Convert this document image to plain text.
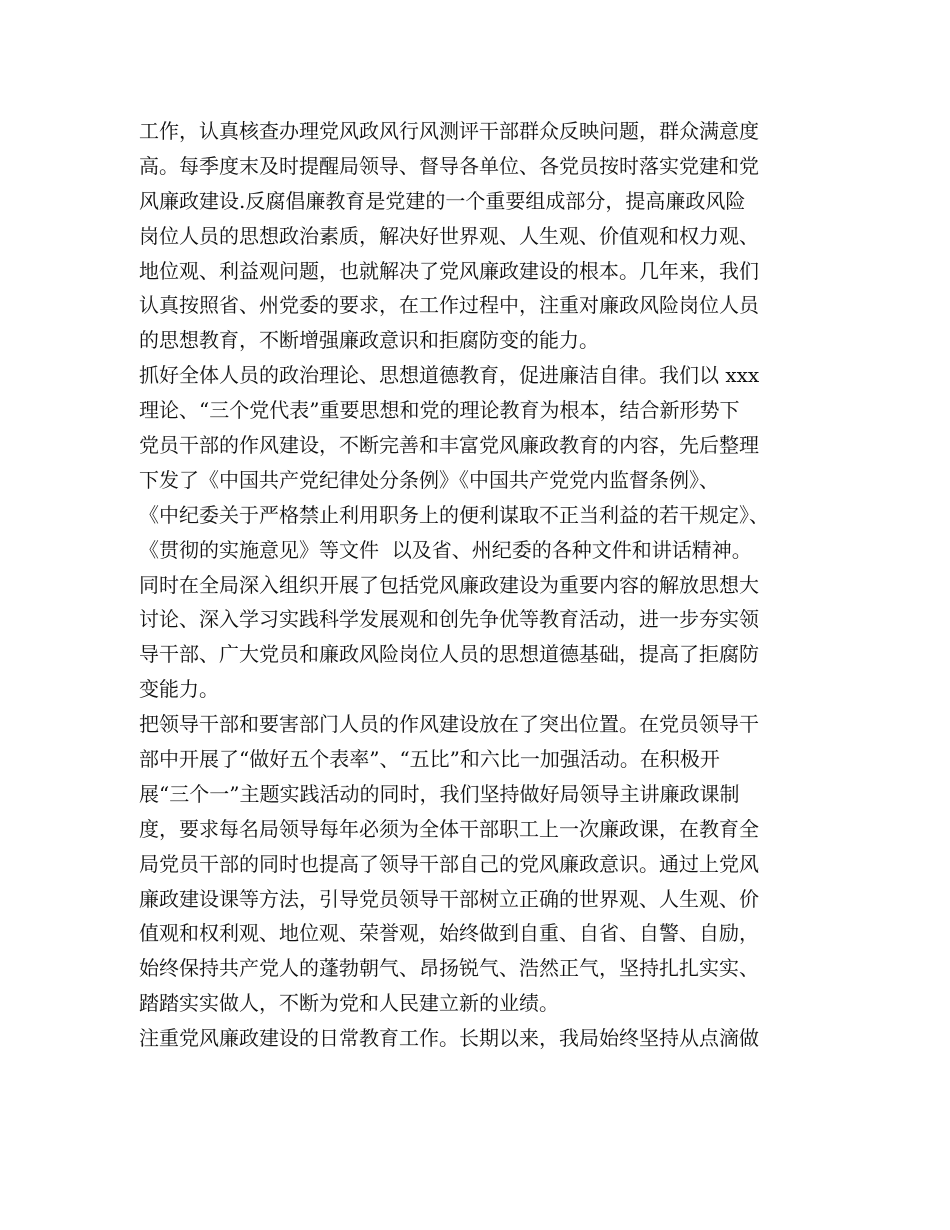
工作，认真核查办理党风政风行风测评干部群众反映问题，群众满意度
高。每季度末及时提醒局领导、督导各单位、各党员按时落实党建和党
风廉政建设.反腐倡廉教育是党建的一个重要组成部分，提高廉政风险
岗位人员的思想政治素质，解决好世界观、人生观、价值观和权力观、
地位观、利益观问题，也就解决了党风廉政建设的根本。几年来，我们
认真按照省、州党委的要求，在工作过程中，注重对廉政风险岗位人员
的思想教育，不断增强廉政意识和拒腐防变的能力。
抓好全体人员的政治理论、思想道德教育，促进廉洁自律。我们以 xxx
理论、“三个党代表”重要思想和党的理论教育为根本，结合新形势下
党员干部的作风建设，不断完善和丰富党风廉政教育的内容，先后整理
下发了《中国共产党纪律处分条例》《中国共产党党内监督条例》、
《中纪委关于严格禁止利用职务上的便利谋取不正当利益的若干规定》、
《贯彻的实施意见》等文件  以及省、州纪委的各种文件和讲话精神。
同时在全局深入组织开展了包括党风廉政建设为重要内容的解放思想大
讨论、深入学习实践科学发展观和创先争优等教育活动，进一步夯实领
导干部、广大党员和廉政风险岗位人员的思想道德基础，提高了拒腐防
变能力。
把领导干部和要害部门人员的作风建设放在了突出位置。在党员领导干
部中开展了“做好五个表率”、“五比”和六比一加强活动。在积极开
展“三个一”主题实践活动的同时，我们坚持做好局领导主讲廉政课制
度，要求每名局领导每年必须为全体干部职工上一次廉政课，在教育全
局党员干部的同时也提高了领导干部自己的党风廉政意识。通过上党风
廉政建设课等方法，引导党员领导干部树立正确的世界观、人生观、价
值观和权利观、地位观、荣誉观，始终做到自重、自省、自警、自励，
始终保持共产党人的蓬勃朝气、昂扬锐气、浩然正气，坚持扎扎实实、
踏踏实实做人，不断为党和人民建立新的业绩。
注重党风廉政建设的日常教育工作。长期以来，我局始终坚持从点滴做
